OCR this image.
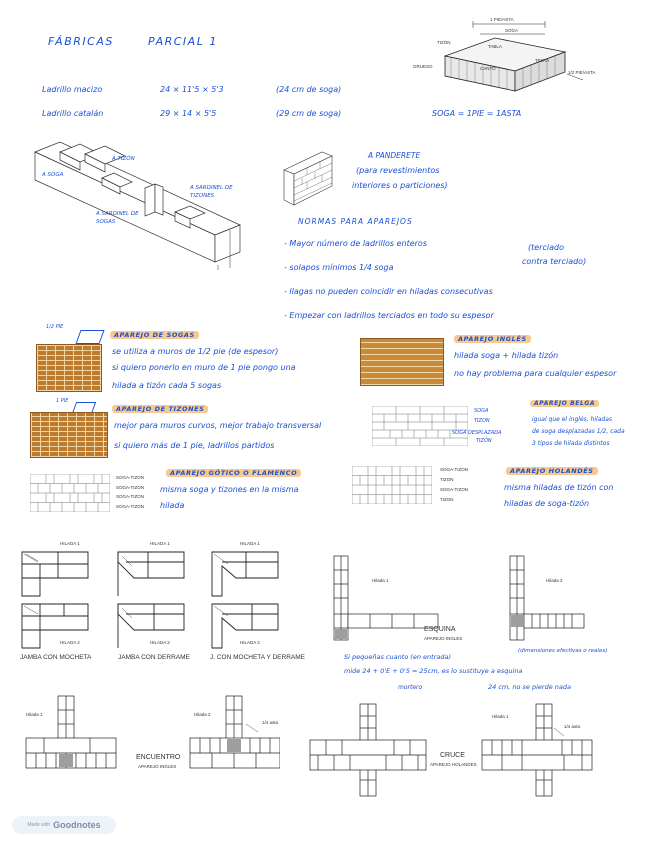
FÁBRICAS	PARCIAL 1
1 PIE/ASTA
SOGA
TIZÓN
TABLA
GRUESO
TESTA
CANTO
1/2 PIE/ASTA
Ladrillo macizo	24 × 11'5 × 5'3	(24 cm de soga)
Ladrillo catalán	29 × 14 × 5'5	(29 cm de soga)	SOGA = 1PIE = 1ASTA
A SOGA
A TIZÓN
A SARDINEL DE TIZONES
A SARDINEL DE SOGAS
A PANDERETE
(para revestimientos
interiores o particiones)
NORMAS PARA APAREJOS
- Mayor número de ladrillos enteros
- solapos mínimos 1/4 soga
- llagas no pueden coincidir en hiladas consecutivas
- Empezar con ladrillos terciados en todo su espesor
(terciado
contra terciado)
1/2 PIE
APAREJO DE SOGAS
se utiliza a muros de 1/2 pie (de espesor)
si quiero ponerlo en muro de 1 pie pongo una
hilada a tizón cada 5 sogas
APAREJO INGLÉS
hilada soga + hilada tizón
no hay problema para cualquier espesor
1 PIE
APAREJO DE TIZONES
mejor para muros curvos, mejor trabajo transversal
si quiero más de 1 pie, ladrillos partidos
SOGA
TIZON
SOGA DESPLAZADA
TIZÓN
APAREJO BELGA
igual que el inglés, hiladas
de soga desplazadas 1/2, cada
3 tipos de hilada distintos
SOGA-TIZON
SOGA-TIZON
SOGA-TIZON
SOGA-TIZON
APAREJO GÓTICO O FLAMENCO
misma soga y tizones en la misma
hilada
SOGA-TIZON
TIZON
SOGA-TIZON
TIZON
APAREJO HOLANDÉS
misma hiladas de tizón con
hiladas de soga-tizón
HILADA 1	HILADA 1	HILADA 1
HILADA 2	HILADA 2	HILADA 2
JAMBA CON MOCHETA	JAMBA CON DERRAME	J. CON MOCHETA Y DERRAME
Hilada 1	Hilada 2
ESQUINA
APAREJO INGLES
Si pequeñas cuanto (en entrada)
(dimensiones efectivas o reales)
mide 24 + 0'E + 0'5 = 25cm, es lo sustituye a esquina
mortero	24 cm, no se pierde nada
Hilada 1	Hilada 2
1/4 asta
ENCUENTRO
APAREJO INGLES
Hilada 1
1/4 asta
CRUCE
APAREJO HOLANDES
Made with Goodnotes
